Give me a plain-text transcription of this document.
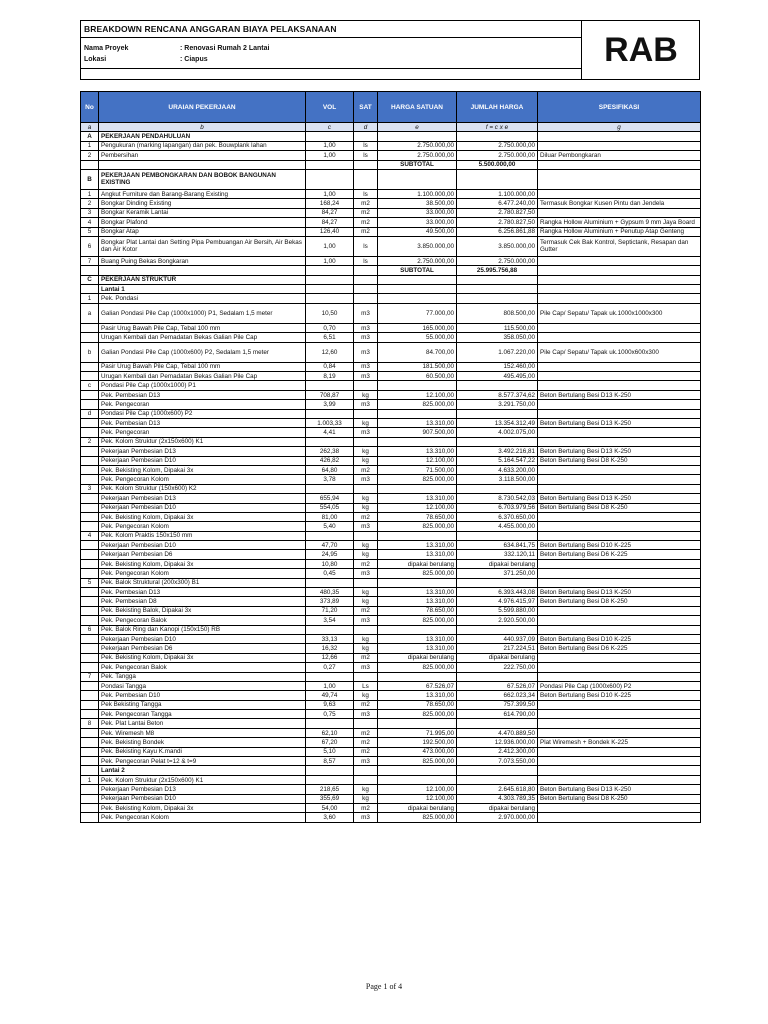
BREAKDOWN RENCANA ANGGARAN BIAYA PELAKSANAAN
Nama Proyek	: Renovasi Rumah 2 Lantai
Lokasi	: Ciapus	RAB
No	URAIAN PEKERJAAN	VOL	SAT	HARGA SATUAN	JUMLAH HARGA	SPESIFIKASI
a	b	c	d	e	f = c x e	g
A	PEKERJAAN PENDAHULUAN					
1	Pengukuran (marking lapangan) dan pek. Bouwplank lahan	1,00	ls	2.750.000,00	2.750.000,00	
2	Pembersihan	1,00	ls	2.750.000,00	2.750.000,00	Diluar Pembongkaran
				SUBTOTAL	5.500.000,00	
B	PEKERJAAN PEMBONGKARAN DAN BOBOK BANGUNAN EXISTING					
1	Angkut Furniture dan Barang-Barang Existing	1,00	ls	1.100.000,00	1.100.000,00	
2	Bongkar Dinding Existing	168,24	m2	38.500,00	6.477.240,00	Termasuk Bongkar Kusen Pintu dan Jendela
3	Bongkar Keramik Lantai	84,27	m2	33.000,00	2.780.827,50	
4	Bongkar Plafond	84,27	m2	33.000,00	2.780.827,50	Rangka Hollow Aluminium + Gypsum 9 mm Jaya Board
5	Bongkar Atap	126,40	m2	49.500,00	6.256.861,88	Rangka Hollow Aluminium + Penutup Atap Genteng
6	Bongkar Plat Lantai dan Setting Pipa Pembuangan Air Bersih, Air Bekas dan Air Kotor	1,00	ls	3.850.000,00	3.850.000,00	Termasuk Cek Bak Kontrol, Septictank, Resapan dan Gutter
7	Buang Puing Bekas Bongkaran	1,00	ls	2.750.000,00	2.750.000,00	
				SUBTOTAL	25.995.756,88	
C	PEKERJAAN STRUKTUR					
	Lantai 1					
1	Pek. Pondasi					
a	Galian Pondasi Pile Cap (1000x1000) P1, Sedalam 1,5 meter	10,50	m3	77.000,00	808.500,00	Pile Cap/ Sepatu/ Tapak uk.1000x1000x300
	Pasir Urug Bawah Pile Cap, Tebal 100 mm	0,70	m3	165.000,00	115.500,00	
	Urugan Kembali dan Pemadatan Bekas Galian Pile Cap	6,51	m3	55.000,00	358.050,00	
b	Galian Pondasi Pile Cap (1000x600) P2, Sedalam 1,5 meter	12,60	m3	84.700,00	1.067.220,00	Pile Cap/ Sepatu/ Tapak uk.1000x600x300
	Pasir Urug Bawah Pile Cap, Tebal 100 mm	0,84	m3	181.500,00	152.460,00	
	Urugan Kembali dan Pemadatan Bekas Galian Pile Cap	8,19	m3	60.500,00	495.495,00	
c	Pondasi Pile Cap (1000x1000) P1					
	Pek. Pembesian D13	708,87	kg	12.100,00	8.577.374,62	Beton Bertulang Besi D13 K-250
	Pek. Pengecoran	3,99	m3	825.000,00	3.291.750,00	
d	Pondasi Pile Cap (1000x600) P2					
	Pek. Pembesian D13	1.003,33	kg	13.310,00	13.354.312,49	Beton Bertulang Besi D13 K-250
	Pek. Pengecoran	4,41	m3	907.500,00	4.002.075,00	
2	Pek. Kolom Struktur (2x150x600) K1					
	Pekerjaan Pembesian D13	262,38	kg	13.310,00	3.492.216,81	Beton Bertulang Besi D13 K-250
	Pekerjaan Pembesian D10	426,82	kg	12.100,00	5.164.547,22	Beton Bertulang Besi D8 K-250
	Pek. Bekisting Kolom, Dipakai 3x	64,80	m2	71.500,00	4.633.200,00	
	Pek. Pengecoran Kolom	3,78	m3	825.000,00	3.118.500,00	
3	Pek. Kolom Struktur (150x600) K2					
	Pekerjaan Pembesian D13	655,94	kg	13.310,00	8.730.542,03	Beton Bertulang Besi D13 K-250
	Pekerjaan Pembesian D10	554,05	kg	12.100,00	6.703.979,56	Beton Bertulang Besi D8 K-250
	Pek. Bekisting Kolom, Dipakai 3x	81,00	m2	78.650,00	6.370.650,00	
	Pek. Pengecoran Kolom	5,40	m3	825.000,00	4.455.000,00	
4	Pek. Kolom Praktis 150x150 mm					
	Pekerjaan Pembesian D10	47,70	kg	13.310,00	634.841,75	Beton Bertulang Besi D10 K-225
	Pekerjaan Pembesian D6	24,95	kg	13.310,00	332.120,11	Beton Bertulang Besi D6 K-225
	Pek. Bekisting Kolom, Dipakai 3x	10,80	m2	dipakai berulang	dipakai berulang	
	Pek. Pengecoran Kolom	0,45	m3	825.000,00	371.250,00	
5	Pek. Balok Struktural (200x300) B1					
	Pek. Pembesian D13	480,35	kg	13.310,00	6.393.443,08	Beton Bertulang Besi D13 K-250
	Pek. Pembesian D8	373,89	kg	13.310,00	4.976.415,97	Beton Bertulang Besi D8 K-250
	Pek. Bekisting Balok, Dipakai 3x	71,20	m2	78.650,00	5.599.880,00	
	Pek. Pengecoran Balok	3,54	m3	825.000,00	2.920.500,00	
6	Pek. Balok Ring dan Kanopi (150x150) RB					
	Pekerjaan Pembesian D10	33,13	kg	13.310,00	440.937,09	Beton Bertulang Besi D10 K-225
	Pekerjaan Pembesian D6	16,32	kg	13.310,00	217.224,51	Beton Bertulang Besi D6 K-225
	Pek. Bekisting Kolom, Dipakai 3x	12,66	m2	dipakai berulang	dipakai berulang	
	Pek. Pengecoran Balok	0,27	m3	825.000,00	222.750,00	
7	Pek. Tangga					
	Pondasi Tangga	1,00	Ls	67.526,07	67.526,07	Pondasi Pile Cap (1000x600) P2
	Pek. Pembesian D10	49,74	kg	13.310,00	662.023,34	Beton Bertulang Besi D10 K-225
	Pek Bekisting Tangga	9,63	m2	78.650,00	757.399,50	
	Pek. Pengecoran Tangga	0,75	m3	825.000,00	614.790,00	
8	Pek. Plat Lantai Beton					
	Pek. Wiremesh M8	62,10	m2	71.995,00	4.470.889,50	
	Pek. Bekisting Bondek	67,20	m2	192.500,00	12.936.000,00	Plat Wiremesh + Bondek K-225
	Pek. Bekisting Kayu K.mandi	5,10	m2	473.000,00	2.412.300,00	
	Pek. Pengecoran Pelat t=12 & t=9	8,57	m3	825.000,00	7.073.550,00	
	Lantai 2					
1	Pek. Kolom Struktur (2x150x600) K1					
	Pekerjaan Pembesian D13	218,65	kg	12.100,00	2.645.618,80	Beton Bertulang Besi D13 K-250
	Pekerjaan Pembesian D10	355,69	kg	12.100,00	4.303.789,35	Beton Bertulang Besi D8 K-250
	Pek. Bekisting Kolom, Dipakai 3x	54,00	m2	dipakai berulang	dipakai berulang	
	Pek. Pengecoran Kolom	3,60	m3	825.000,00	2.970.000,00	
Page 1 of 4
